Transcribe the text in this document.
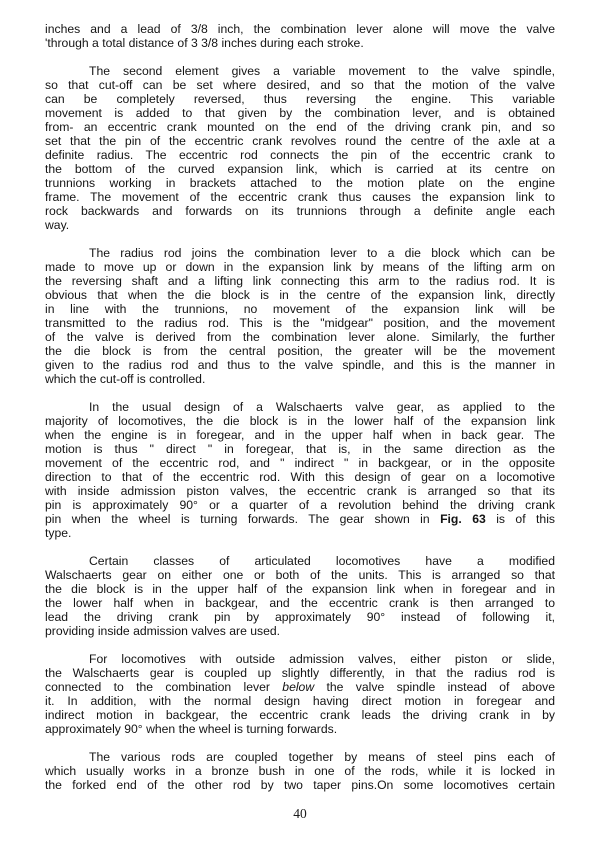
inches and a lead of 3/8 inch, the combination lever alone will move the valve
'through a total distance of 3 3/8 inches during each stroke.
The second element gives a variable movement to the valve spindle,
so that cut-off can be set where desired, and so that the motion of the valve
can be completely reversed, thus reversing the engine. This variable
movement is added to that given by the combination lever, and is obtained
from- an eccentric crank mounted on the end of the driving crank pin, and so
set that the pin of the eccentric crank revolves round the centre of the axle at a
definite radius. The eccentric rod connects the pin of the eccentric crank to
the bottom of the curved expansion link, which is carried at its centre on
trunnions working in brackets attached to the motion plate on the engine
frame. The movement of the eccentric crank thus causes the expansion link to
rock backwards and forwards on its trunnions through a definite angle each
way.
The radius rod joins the combination lever to a die block which can be
made to move up or down in the expansion link by means of the lifting arm on
the reversing shaft and a lifting link connecting this arm to the radius rod. It is
obvious that when the die block is in the centre of the expansion link, directly
in line with the trunnions, no movement of the expansion link will be
transmitted to the radius rod. This is the "midgear" position, and the movement
of the valve is derived from the combination lever alone. Similarly, the further
the die block is from the central position, the greater will be the movement
given to the radius rod and thus to the valve spindle, and this is the manner in
which the cut-off is controlled.
In the usual design of a Walschaerts valve gear, as applied to the
majority of locomotives, the die block is in the lower half of the expansion link
when the engine is in foregear, and in the upper half when in back gear. The
motion is thus " direct " in foregear, that is, in the same direction as the
movement of the eccentric rod, and " indirect " in backgear, or in the opposite
direction to that of the eccentric rod. With this design of gear on a locomotive
with inside admission piston valves, the eccentric crank is arranged so that its
pin is approximately 90° or a quarter of a revolution behind the driving crank
pin when the wheel is turning forwards. The gear shown in Fig. 63 is of this
type.
Certain classes of articulated locomotives have a modified
Walschaerts gear on either one or both of the units. This is arranged so that
the die block is in the upper half of the expansion link when in foregear and in
the lower half when in backgear, and the eccentric crank is then arranged to
lead the driving crank pin by approximately 90° instead of following it,
providing inside admission valves are used.
For locomotives with outside admission valves, either piston or slide,
the Walschaerts gear is coupled up slightly differently, in that the radius rod is
connected to the combination lever below the valve spindle instead of above
it. In addition, with the normal design having direct motion in foregear and
indirect motion in backgear, the eccentric crank leads the driving crank in by
approximately 90° when the wheel is turning forwards.
The various rods are coupled together by means of steel pins each of
which usually works in a bronze bush in one of the rods, while it is locked in
the forked end of the other rod by two taper pins.On some locomotives certain
40
